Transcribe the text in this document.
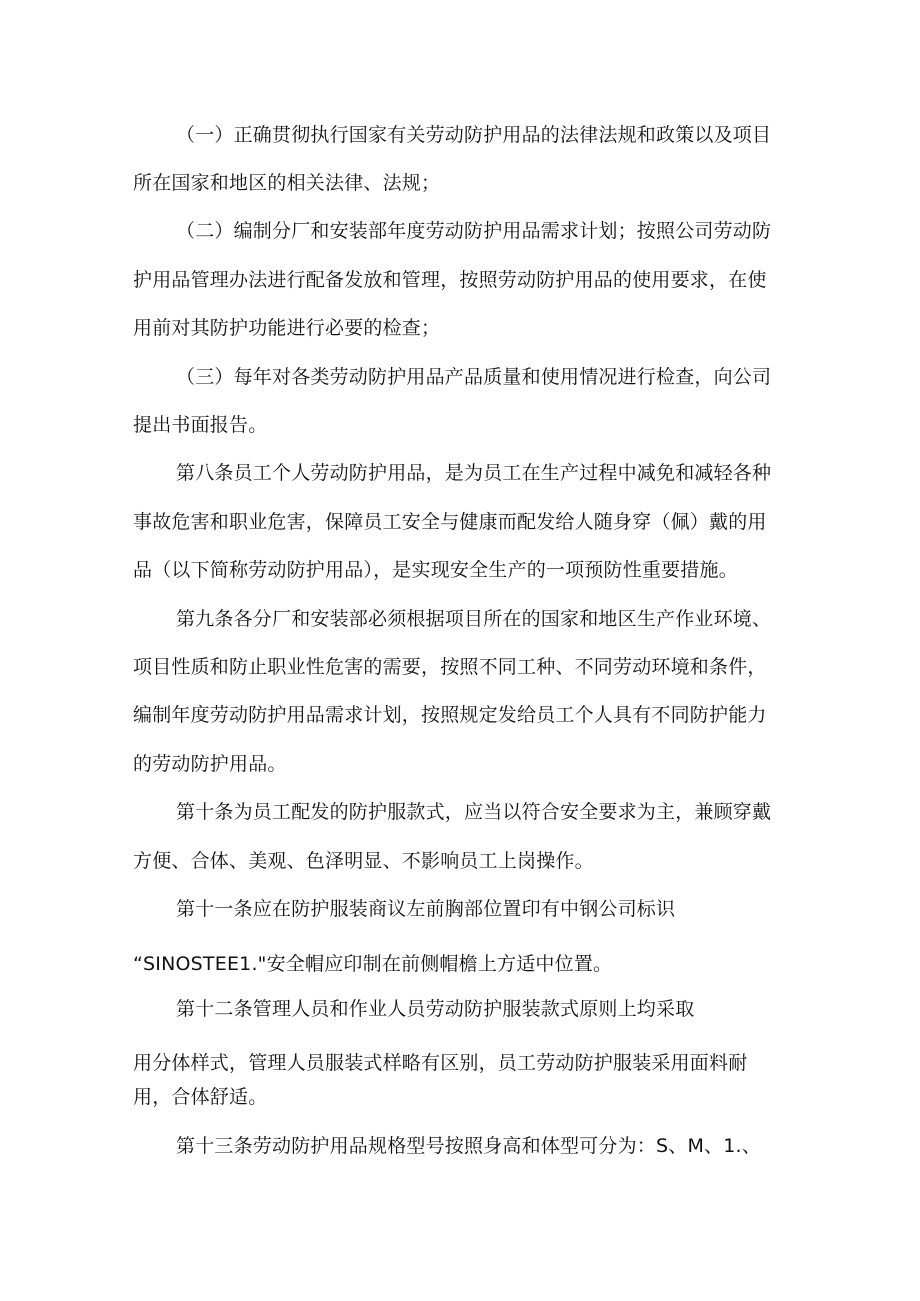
（一）正确贯彻执行国家有关劳动防护用品的法律法规和政策以及项目
所在国家和地区的相关法律、法规；
（二）编制分厂和安装部年度劳动防护用品需求计划；按照公司劳动防
护用品管理办法进行配备发放和管理，按照劳动防护用品的使用要求，在使
用前对其防护功能进行必要的检查；
（三）每年对各类劳动防护用品产品质量和使用情况进行检查，向公司
提出书面报告。
第八条员工个人劳动防护用品，是为员工在生产过程中减免和减轻各种
事故危害和职业危害，保障员工安全与健康而配发给人随身穿（佩）戴的用
品（以下简称劳动防护用品），是实现安全生产的一项预防性重要措施。
第九条各分厂和安装部必须根据项目所在的国家和地区生产作业环境、
项目性质和防止职业性危害的需要，按照不同工种、不同劳动环境和条件，
编制年度劳动防护用品需求计划，按照规定发给员工个人具有不同防护能力
的劳动防护用品。
第十条为员工配发的防护服款式，应当以符合安全要求为主，兼顾穿戴
方便、合体、美观、色泽明显、不影响员工上岗操作。
第十一条应在防护服装商议左前胸部位置印有中钢公司标识
“SINOSTEE1."安全帽应印制在前侧帽檐上方适中位置。
第十二条管理人员和作业人员劳动防护服装款式原则上均采取
用分体样式，管理人员服装式样略有区别，员工劳动防护服装采用面料耐
用，合体舒适。
第十三条劳动防护用品规格型号按照身高和体型可分为：S、M、1.、
